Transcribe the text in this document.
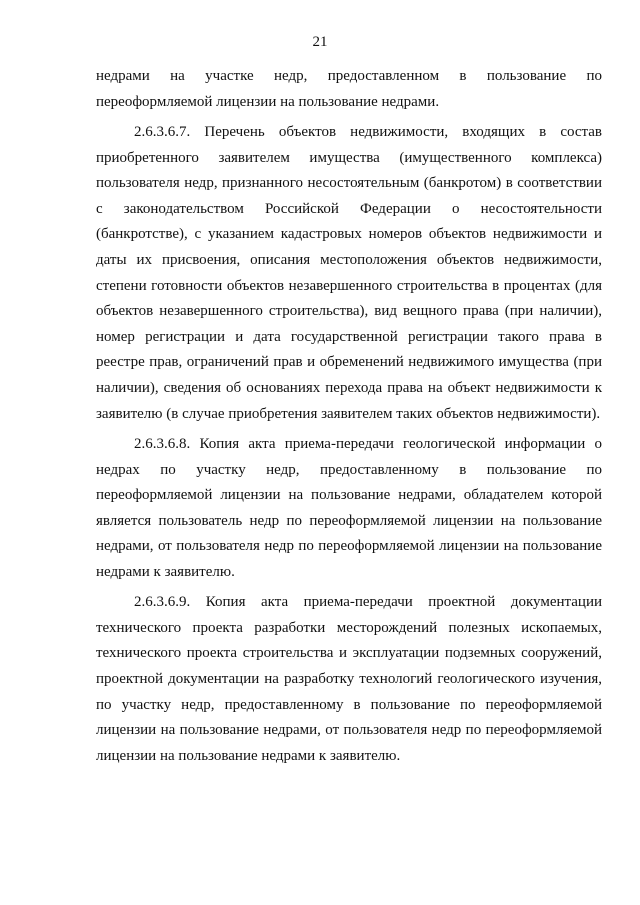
21

недрами на участке недр, предоставленном в пользование по переоформляемой лицензии на пользование недрами.

2.6.3.6.7. Перечень объектов недвижимости, входящих в состав приобретенного заявителем имущества (имущественного комплекса) пользователя недр, признанного несостоятельным (банкротом) в соответствии с законодательством Российской Федерации о несостоятельности (банкротстве), с указанием кадастровых номеров объектов недвижимости и даты их присвоения, описания местоположения объектов недвижимости, степени готовности объектов незавершенного строительства в процентах (для объектов незавершенного строительства), вид вещного права (при наличии), номер регистрации и дата государственной регистрации такого права в реестре прав, ограничений прав и обременений недвижимого имущества (при наличии), сведения об основаниях перехода права на объект недвижимости к заявителю (в случае приобретения заявителем таких объектов недвижимости).

2.6.3.6.8. Копия акта приема-передачи геологической информации о недрах по участку недр, предоставленному в пользование по переоформляемой лицензии на пользование недрами, обладателем которой является пользователь недр по переоформляемой лицензии на пользование недрами, от пользователя недр по переоформляемой лицензии на пользование недрами к заявителю.

2.6.3.6.9. Копия акта приема-передачи проектной документации технического проекта разработки месторождений полезных ископаемых, технического проекта строительства и эксплуатации подземных сооружений, проектной документации на разработку технологий геологического изучения, по участку недр, предоставленному в пользование по переоформляемой лицензии на пользование недрами, от пользователя недр по переоформляемой лицензии на пользование недрами к заявителю.
